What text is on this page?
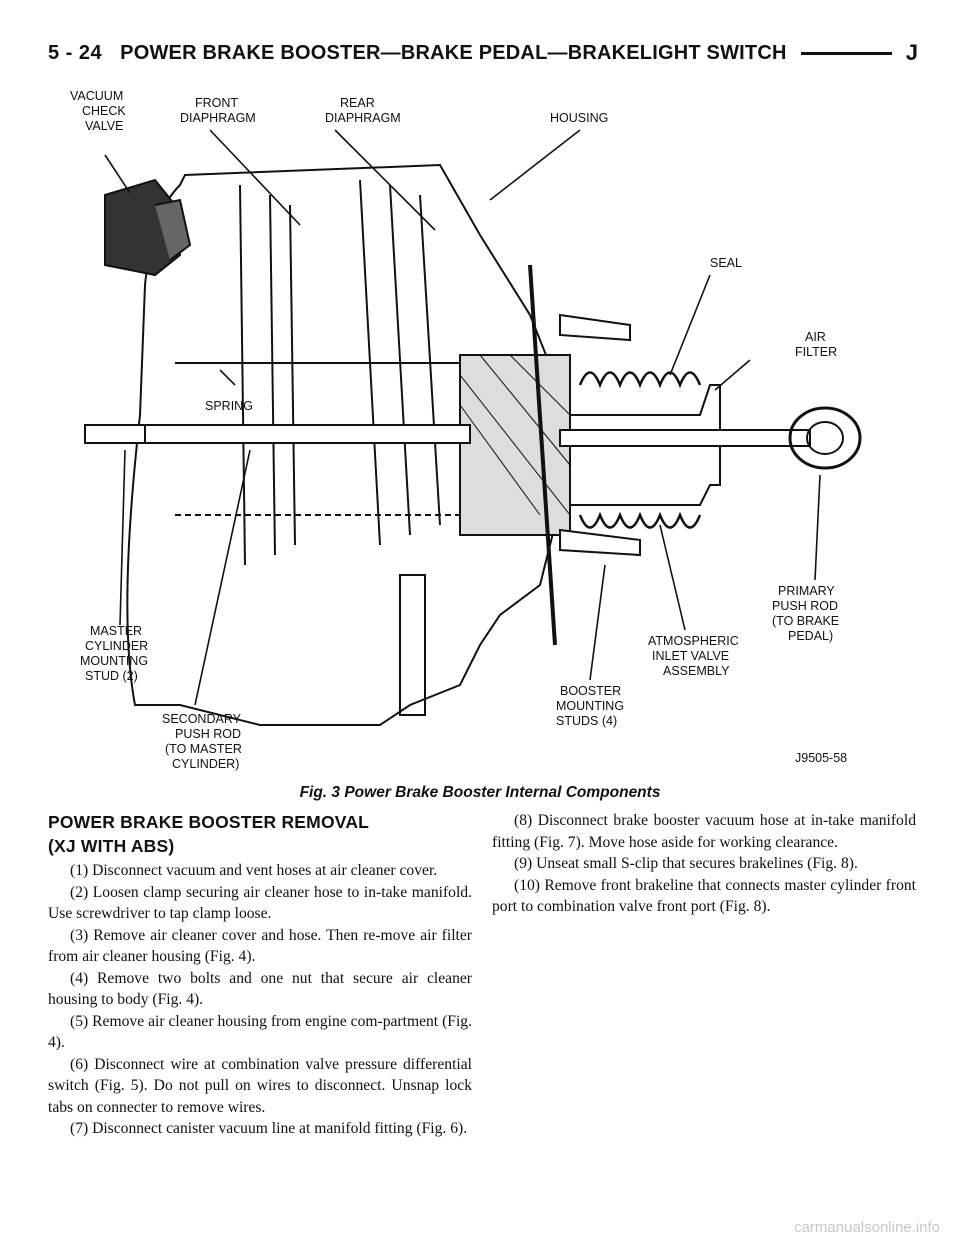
5 - 24 POWER BRAKE BOOSTER—BRAKE PEDAL—BRAKELIGHT SWITCH	J
VACUUM CHECK VALVE
FRONT DIAPHRAGM
REAR DIAPHRAGM	HOUSING
SEAL
AIR FILTER
SPRING
MASTER CYLINDER MOUNTING STUD (2)
SECONDARY PUSH ROD (TO MASTER CYLINDER)
BOOSTER MOUNTING STUDS (4)
ATMOSPHERIC INLET VALVE ASSEMBLY
PRIMARY PUSH ROD (TO BRAKE PEDAL)
J9505-58
Fig. 3 Power Brake Booster Internal Components
POWER BRAKE BOOSTER REMOVAL
(XJ WITH ABS)

(1) Disconnect vacuum and vent hoses at air cleaner cover.

(2) Loosen clamp securing air cleaner hose to in-take manifold. Use screwdriver to tap clamp loose.

(3) Remove air cleaner cover and hose. Then re-move air filter from air cleaner housing (Fig. 4).

(4) Remove two bolts and one nut that secure air cleaner housing to body (Fig. 4).

(5) Remove air cleaner housing from engine com-partment (Fig. 4).

(6) Disconnect wire at combination valve pressure differential switch (Fig. 5). Do not pull on wires to disconnect. Unsnap lock tabs on connecter to remove wires.

(7) Disconnect canister vacuum line at manifold fitting (Fig. 6).

(8) Disconnect brake booster vacuum hose at in-take manifold fitting (Fig. 7). Move hose aside for working clearance.

(9) Unseat small S-clip that secures brakelines (Fig. 8).

(10) Remove front brakeline that connects master cylinder front port to combination valve front port (Fig. 8).

carmanualsonline.info
